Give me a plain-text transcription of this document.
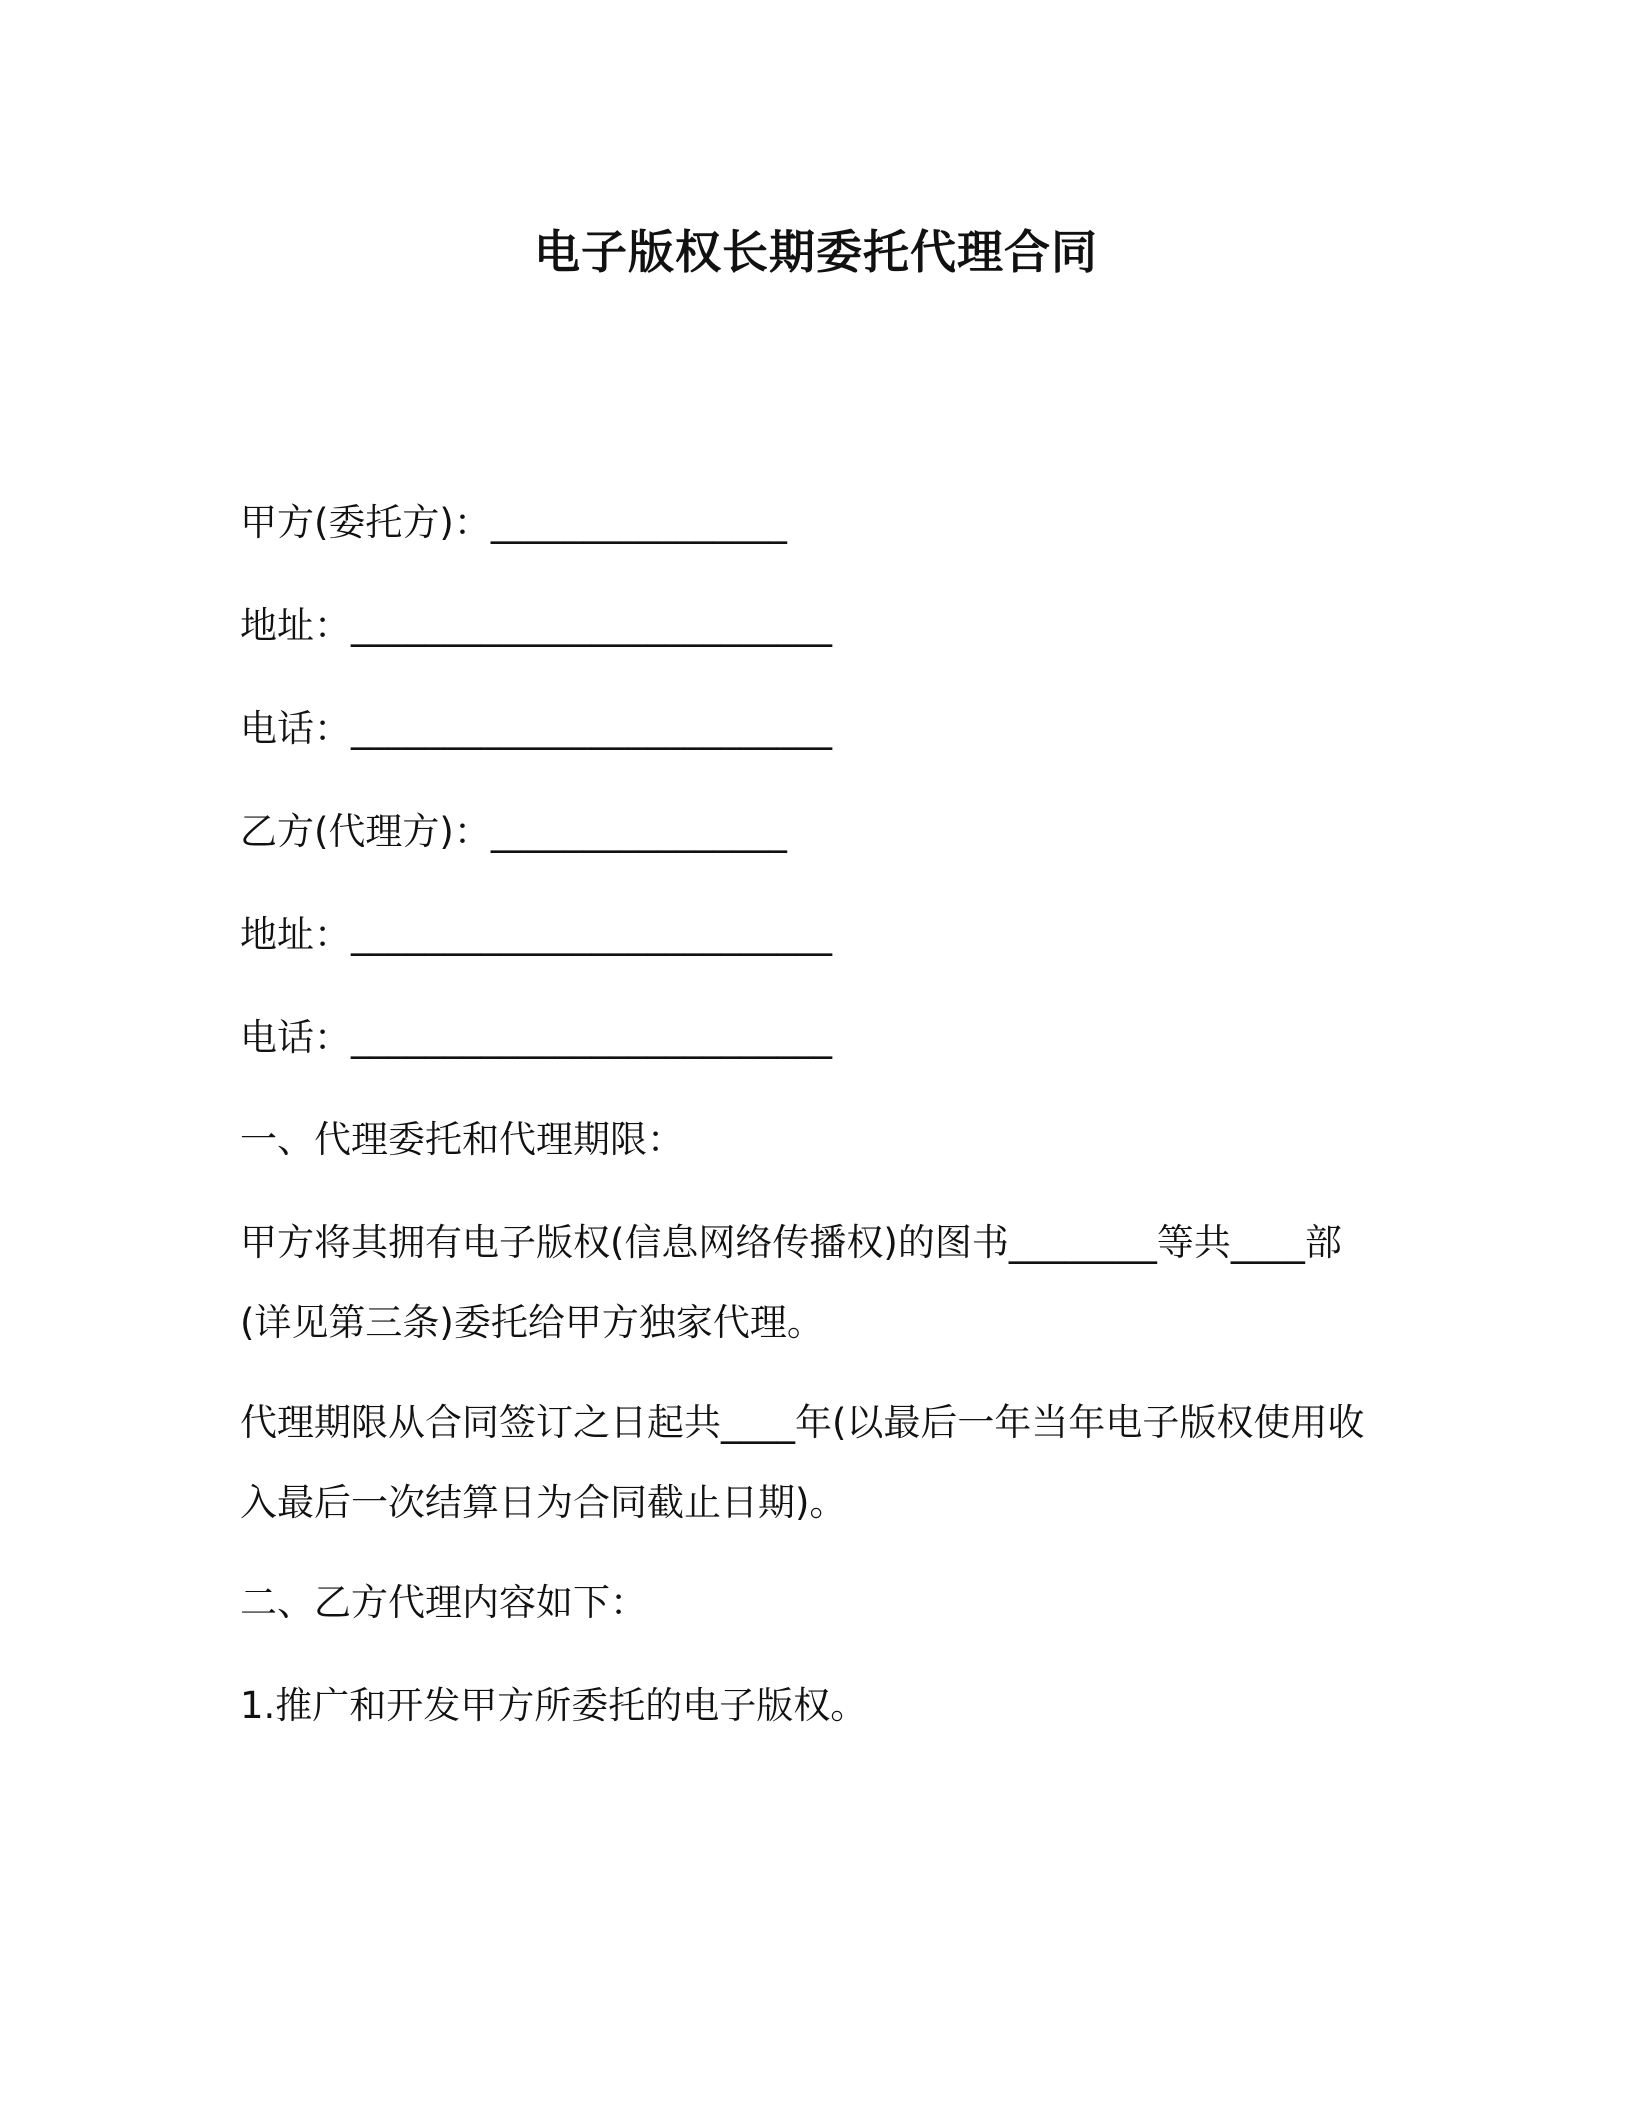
电子版权长期委托代理合同
甲方(委托方)：________________
地址：__________________________
电话：__________________________
乙方(代理方)：________________
地址：__________________________
电话：__________________________
一、代理委托和代理期限：
甲方将其拥有电子版权(信息网络传播权)的图书________等共____部
(详见第三条)委托给甲方独家代理。
代理期限从合同签订之日起共____年(以最后一年当年电子版权使用收
入最后一次结算日为合同截止日期)。
二、乙方代理内容如下：
1.推广和开发甲方所委托的电子版权。
